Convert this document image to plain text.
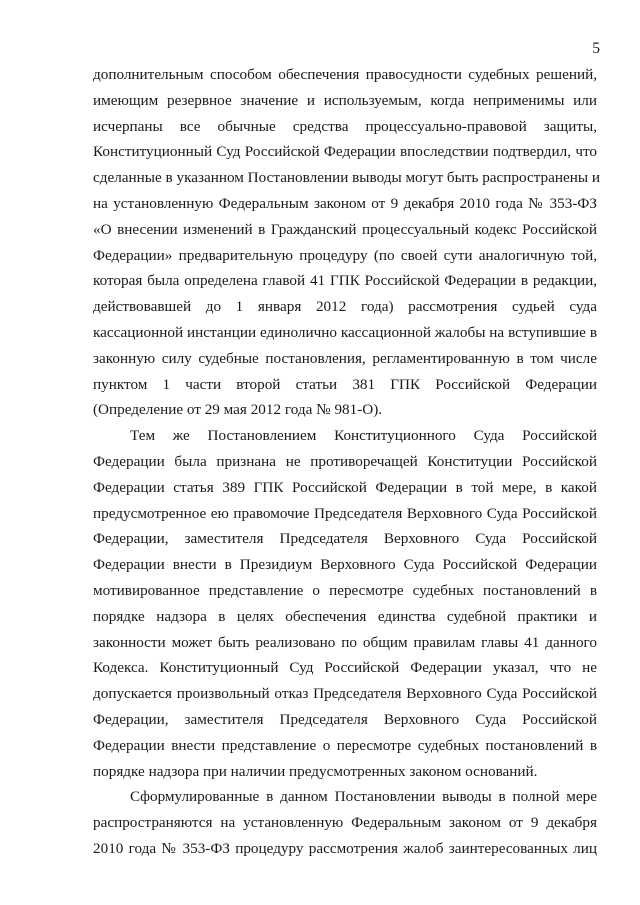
5

дополнительным способом обеспечения правосудности судебных решений,
имеющим резервное значение и используемым, когда неприменимы или
исчерпаны все обычные средства процессуально-правовой защиты,
Конституционный Суд Российской Федерации впоследствии подтвердил, что
сделанные в указанном Постановлении выводы могут быть распространены и
на установленную Федеральным законом от 9 декабря 2010 года № 353-ФЗ
«О внесении изменений в Гражданский процессуальный кодекс Российской
Федерации» предварительную процедуру (по своей сути аналогичную той,
которая была определена главой 41 ГПК Российской Федерации в редакции,
действовавшей до 1 января 2012 года) рассмотрения судьей суда
кассационной инстанции единолично кассационной жалобы на вступившие в
законную силу судебные постановления, регламентированную в том числе
пунктом 1 части второй статьи 381 ГПК Российской Федерации
(Определение от 29 мая 2012 года № 981-О).

Тем же Постановлением Конституционного Суда Российской
Федерации была признана не противоречащей Конституции Российской
Федерации статья 389 ГПК Российской Федерации в той мере, в какой
предусмотренное ею правомочие Председателя Верховного Суда Российской
Федерации, заместителя Председателя Верховного Суда Российской
Федерации внести в Президиум Верховного Суда Российской Федерации
мотивированное представление о пересмотре судебных постановлений в
порядке надзора в целях обеспечения единства судебной практики и
законности может быть реализовано по общим правилам главы 41 данного
Кодекса. Конституционный Суд Российской Федерации указал, что не
допускается произвольный отказ Председателя Верховного Суда Российской
Федерации, заместителя Председателя Верховного Суда Российской
Федерации внести представление о пересмотре судебных постановлений в
порядке надзора при наличии предусмотренных законом оснований.

Сформулированные в данном Постановлении выводы в полной мере
распространяются на установленную Федеральным законом от 9 декабря
2010 года № 353-ФЗ процедуру рассмотрения жалоб заинтересованных лиц
